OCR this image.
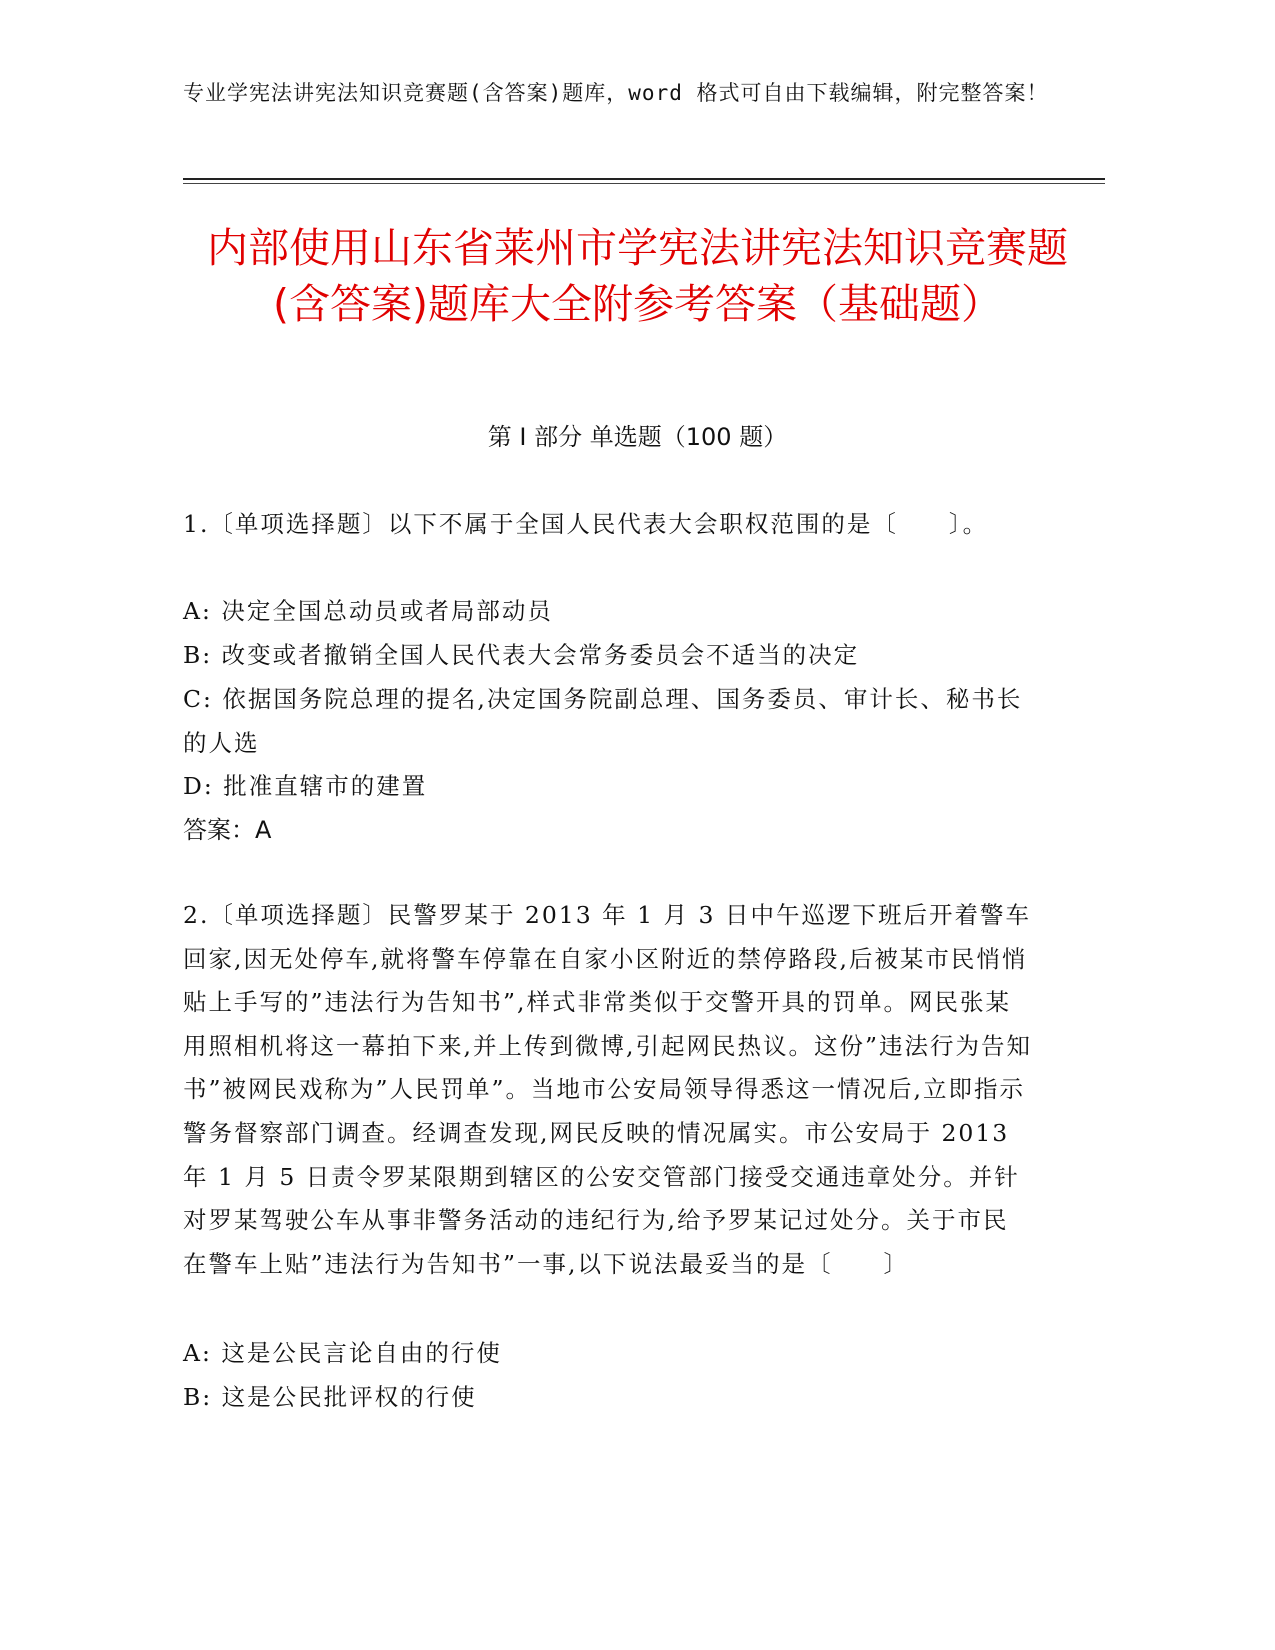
专业学宪法讲宪法知识竞赛题(含答案)题库，word 格式可自由下载编辑，附完整答案！
内部使用山东省莱州市学宪法讲宪法知识竞赛题(含答案)题库大全附参考答案（基础题）
第 I 部分 单选题（100 题）

1.〔单项选择题〕以下不属于全国人民代表大会职权范围的是〔　　〕。

A: 决定全国总动员或者局部动员

B: 改变或者撤销全国人民代表大会常务委员会不适当的决定

C: 依据国务院总理的提名,决定国务院副总理、国务委员、审计长、秘书长的人选

D: 批准直辖市的建置

答案：A

2.〔单项选择题〕民警罗某于 2013 年 1 月 3 日中午巡逻下班后开着警车回家,因无处停车,就将警车停靠在自家小区附近的禁停路段,后被某市民悄悄贴上手写的”违法行为告知书”,样式非常类似于交警开具的罚单。网民张某用照相机将这一幕拍下来,并上传到微博,引起网民热议。这份”违法行为告知书”被网民戏称为”人民罚单”。当地市公安局领导得悉这一情况后,立即指示警务督察部门调查。经调查发现,网民反映的情况属实。市公安局于 2013 年 1 月 5 日责令罗某限期到辖区的公安交管部门接受交通违章处分。并针对罗某驾驶公车从事非警务活动的违纪行为,给予罗某记过处分。关于市民在警车上贴”违法行为告知书”一事,以下说法最妥当的是〔　　〕

A: 这是公民言论自由的行使

B: 这是公民批评权的行使
